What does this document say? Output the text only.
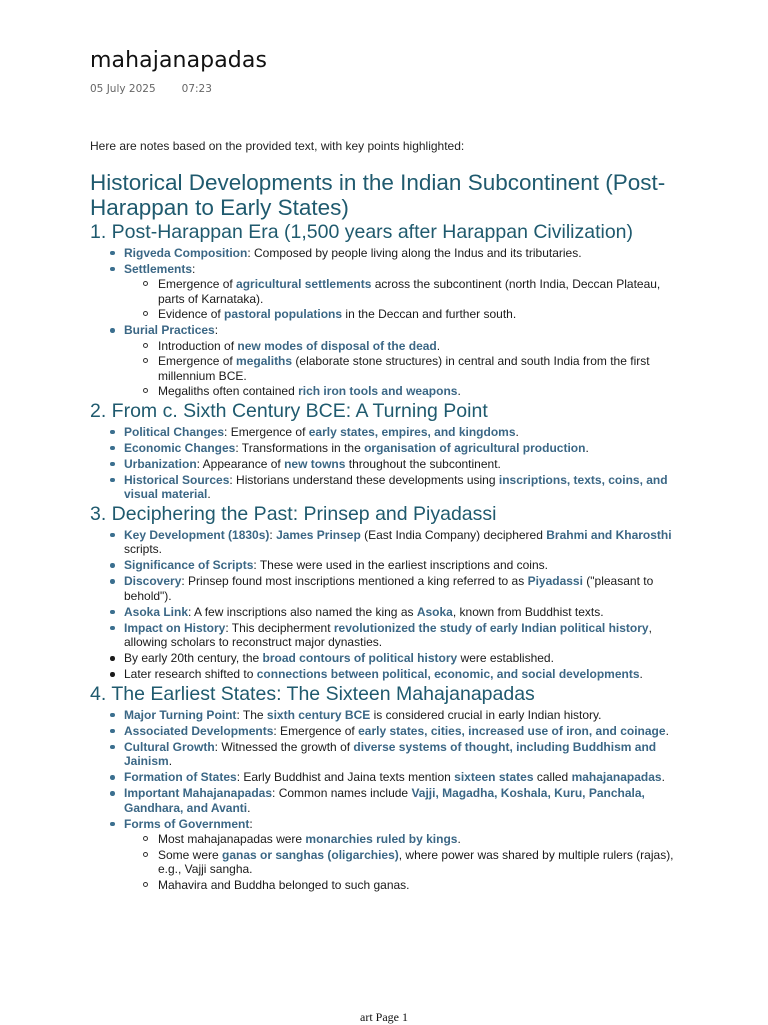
mahajanapadas
05 July 2025 07:23

Here are notes based on the provided text, with key points highlighted:

Historical Developments in the Indian Subcontinent (Post-Harappan to Early States)
1. Post-Harappan Era (1,500 years after Harappan Civilization)
Rigveda Composition: Composed by people living along the Indus and its tributaries.
Settlements:
Emergence of agricultural settlements across the subcontinent (north India, Deccan Plateau, parts of Karnataka).
Evidence of pastoral populations in the Deccan and further south.
Burial Practices:
Introduction of new modes of disposal of the dead.
Emergence of megaliths (elaborate stone structures) in central and south India from the first millennium BCE.
Megaliths often contained rich iron tools and weapons.
2. From c. Sixth Century BCE: A Turning Point
Political Changes: Emergence of early states, empires, and kingdoms.
Economic Changes: Transformations in the organisation of agricultural production.
Urbanization: Appearance of new towns throughout the subcontinent.
Historical Sources: Historians understand these developments using inscriptions, texts, coins, and visual material.
3. Deciphering the Past: Prinsep and Piyadassi
Key Development (1830s): James Prinsep (East India Company) deciphered Brahmi and Kharosthi scripts.
Significance of Scripts: These were used in the earliest inscriptions and coins.
Discovery: Prinsep found most inscriptions mentioned a king referred to as Piyadassi ("pleasant to behold").
Asoka Link: A few inscriptions also named the king as Asoka, known from Buddhist texts.
Impact on History: This decipherment revolutionized the study of early Indian political history, allowing scholars to reconstruct major dynasties.
By early 20th century, the broad contours of political history were established.
Later research shifted to connections between political, economic, and social developments.
4. The Earliest States: The Sixteen Mahajanapadas
Major Turning Point: The sixth century BCE is considered crucial in early Indian history.
Associated Developments: Emergence of early states, cities, increased use of iron, and coinage.
Cultural Growth: Witnessed the growth of diverse systems of thought, including Buddhism and Jainism.
Formation of States: Early Buddhist and Jaina texts mention sixteen states called mahajanapadas.
Important Mahajanapadas: Common names include Vajji, Magadha, Koshala, Kuru, Panchala, Gandhara, and Avanti.
Forms of Government:
Most mahajanapadas were monarchies ruled by kings.
Some were ganas or sanghas (oligarchies), where power was shared by multiple rulers (rajas), e.g., Vajji sangha.
Mahavira and Buddha belonged to such ganas.
art Page 1
